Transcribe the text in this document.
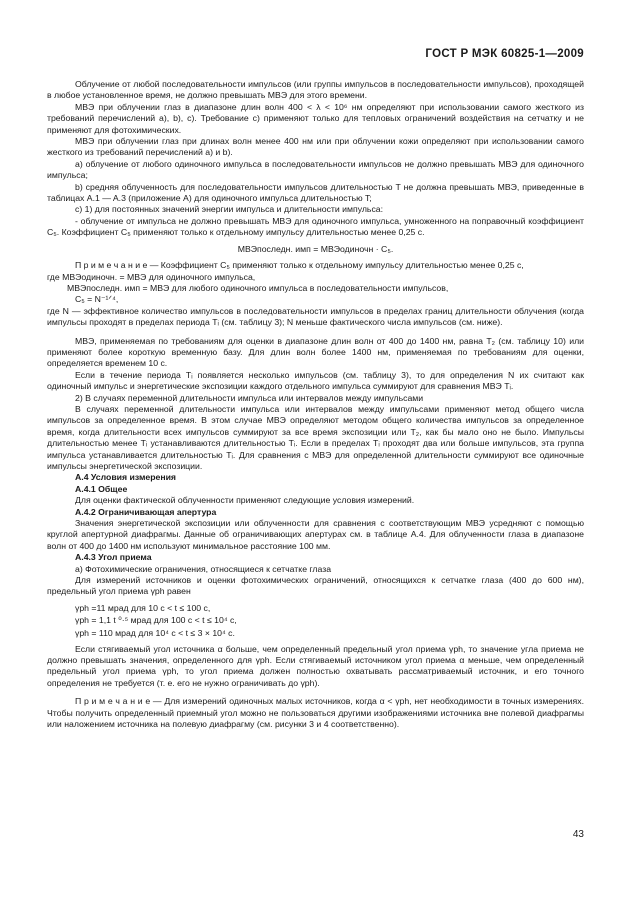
ГОСТ Р МЭК 60825-1—2009

Облучение от любой последовательности импульсов (или группы импульсов в последовательности импульсов), проходящей в любое установленное время, не должно превышать МВЭ для этого времени.

МВЭ при облучении глаз в диапазоне длин волн 400 < λ < 10⁶ нм определяют при использовании самого жесткого из требований перечислений а), b), c). Требование c) применяют только для тепловых ограничений воздействия на сетчатку и не применяют для фотохимических.

МВЭ при облучении глаз при длинах волн менее 400 нм или при облучении кожи определяют при использовании самого жесткого из требований перечислений а) и b).

a) облучение от любого одиночного импульса в последовательности импульсов не должно превышать МВЭ для одиночного импульса;

b) средняя облученность для последовательности импульсов длительностью T не должна превышать МВЭ, приведенные в таблицах A.1 — A.3 (приложение А) для одиночного импульса длительностью T;

c) 1) для постоянных значений энергии импульса и длительности импульса:

- облучение от импульса не должно превышать МВЭ для одиночного импульса, умноженного на поправочный коэффициент C₅. Коэффициент C₅ применяют только к отдельному импульсу длительностью менее 0,25 с.

МВЭпоследн. имп = МВЭодиночн · C₅.

П р и м е ч а н и е — Коэффициент C₅ применяют только к отдельному импульсу длительностью менее 0,25 с,

где МВЭодиночн. = МВЭ для одиночного импульса,

МВЭпоследн. имп = МВЭ для любого одиночного импульса в последовательности импульсов,

C₅ = N⁻¹ᐟ⁴,

где N — эффективное количество импульсов в последовательности импульсов в пределах границ длительности облучения (когда импульсы проходят в пределах периода Tᵢ (см. таблицу 3); N меньше фактического числа импульсов (см. ниже).

МВЭ, применяемая по требованиям для оценки в диапазоне длин волн от 400 до 1400 нм, равна T₂ (см. таблицу 10) или применяют более короткую временную базу. Для длин волн более 1400 нм, применяемая по требованиям для оценки, определяется временем 10 с.

Если в течение периода Tᵢ появляется несколько импульсов (см. таблицу 3), то для определения N их считают как одиночный импульс и энергетические экспозиции каждого отдельного импульса суммируют для сравнения МВЭ Tᵢ.

2) В случаях переменной длительности импульса или интервалов между импульсами

В случаях переменной длительности импульса или интервалов между импульсами применяют метод общего числа импульсов за определенное время. В этом случае МВЭ определяют методом общего количества импульсов за определенное время, когда длительности всех импульсов суммируют за все время экспозиции или T₂, как бы мало оно не было. Импульсы длительностью менее Tᵢ устанавливаются длительностью Tᵢ. Если в пределах Tᵢ проходят два или больше импульсов, эта группа импульса устанавливается длительностью Tᵢ. Для сравнения с МВЭ для определенной длительности суммируют все одиночные импульсы энергетической экспозиции.

A.4 Условия измерения

A.4.1 Общее

Для оценки фактической облученности применяют следующие условия измерений.

A.4.2 Ограничивающая апертура

Значения энергетической экспозиции или облученности для сравнения с соответствующим МВЭ усредняют с помощью круглой апертурной диафрагмы. Данные об ограничивающих апертурах см. в таблице A.4. Для облученности глаза в диапазоне волн от 400 до 1400 нм используют минимальное расстояние 100 мм.

A.4.3 Угол приема

a) Фотохимические ограничения, относящиеся к сетчатке глаза

Для измерений источников и оценки фотохимических ограничений, относящихся к сетчатке глаза (400 до 600 нм), предельный угол приема γph равен

γph =11 мрад для 10 с < t ≤ 100 с,
γph = 1,1 t ⁰·⁵ мрад для 100 с < t ≤ 10⁴ с,
γph = 110 мрад для 10⁴ с < t ≤ 3 × 10⁴ с.

Если стягиваемый угол источника α больше, чем определенный предельный угол приема γph, то значение угла приема не должно превышать значения, определенного для γph. Если стягиваемый источником угол приема α меньше, чем определенный предельный угол приема γph, то угол приема должен полностью охватывать рассматриваемый источник, и его точного определения не требуется (т. е. его не нужно ограничивать до γph).

П р и м е ч а н и е — Для измерений одиночных малых источников, когда α < γph, нет необходимости в точных измерениях. Чтобы получить определенный приемный угол можно не пользоваться другими изображениями источника вне полевой диафрагмы или наложением источника на полевую диафрагму (см. рисунки 3 и 4 соответственно).

43
